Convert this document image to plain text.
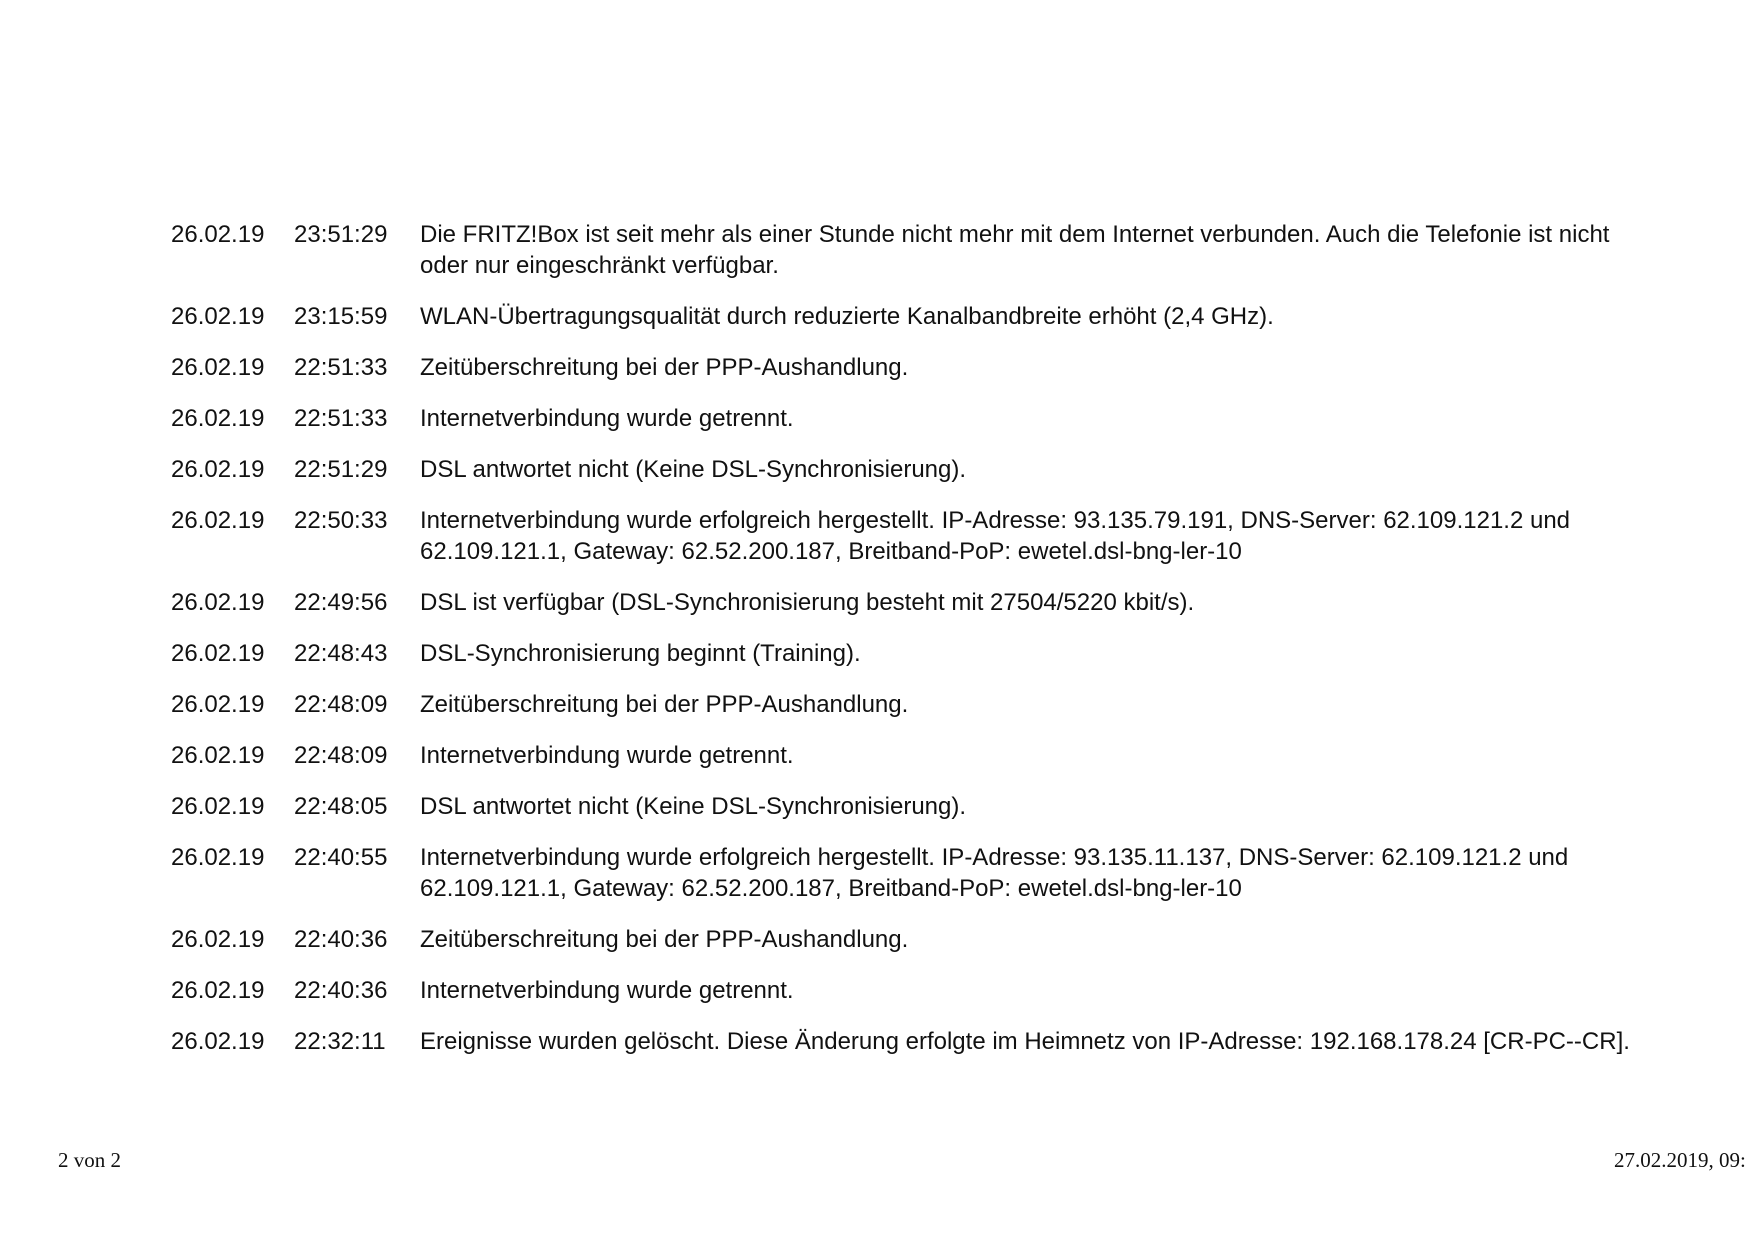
26.02.19	23:51:29	Die FRITZ!Box ist seit mehr als einer Stunde nicht mehr mit dem Internet verbunden. Auch die Telefonie ist nicht oder nur eingeschränkt verfügbar.
26.02.19	23:15:59	WLAN-Übertragungsqualität durch reduzierte Kanalbandbreite erhöht (2,4 GHz).
26.02.19	22:51:33	Zeitüberschreitung bei der PPP-Aushandlung.
26.02.19	22:51:33	Internetverbindung wurde getrennt.
26.02.19	22:51:29	DSL antwortet nicht (Keine DSL-Synchronisierung).
26.02.19	22:50:33	Internetverbindung wurde erfolgreich hergestellt. IP-Adresse: 93.135.79.191, DNS-Server: 62.109.121.2 und 62.109.121.1, Gateway: 62.52.200.187, Breitband-PoP: ewetel.dsl-bng-ler-10
26.02.19	22:49:56	DSL ist verfügbar (DSL-Synchronisierung besteht mit 27504/5220 kbit/s).
26.02.19	22:48:43	DSL-Synchronisierung beginnt (Training).
26.02.19	22:48:09	Zeitüberschreitung bei der PPP-Aushandlung.
26.02.19	22:48:09	Internetverbindung wurde getrennt.
26.02.19	22:48:05	DSL antwortet nicht (Keine DSL-Synchronisierung).
26.02.19	22:40:55	Internetverbindung wurde erfolgreich hergestellt. IP-Adresse: 93.135.11.137, DNS-Server: 62.109.121.2 und 62.109.121.1, Gateway: 62.52.200.187, Breitband-PoP: ewetel.dsl-bng-ler-10
26.02.19	22:40:36	Zeitüberschreitung bei der PPP-Aushandlung.
26.02.19	22:40:36	Internetverbindung wurde getrennt.
26.02.19	22:32:11	Ereignisse wurden gelöscht. Diese Änderung erfolgte im Heimnetz von IP-Adresse: 192.168.178.24 [CR-PC--CR].
2 von 2	27.02.2019, 09:
